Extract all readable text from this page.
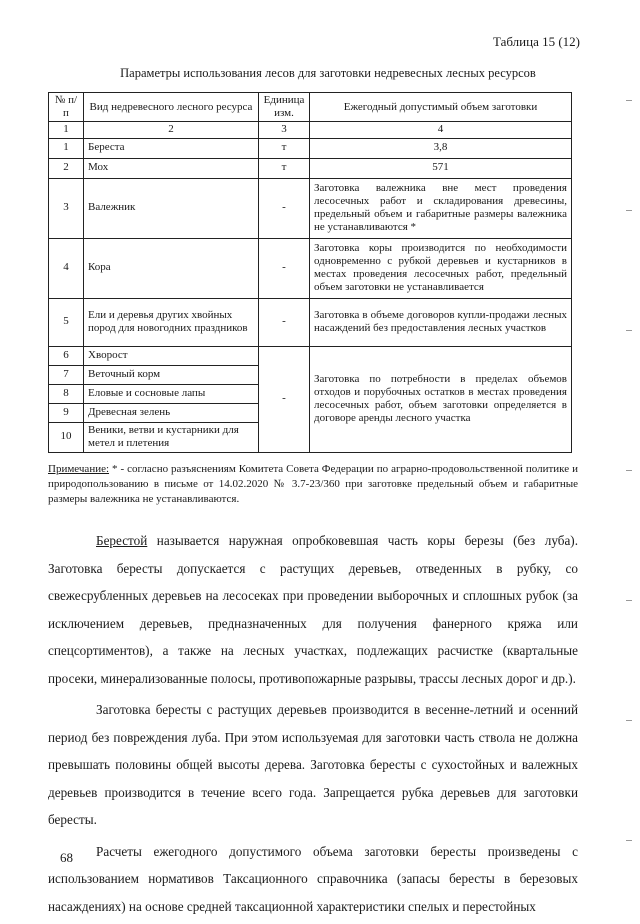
Таблица 15 (12)
Параметры использования лесов для заготовки недревесных лесных ресурсов
№ п/п	Вид недревесного лесного ресурса	Единица изм.	Ежегодный допустимый объем заготовки
1	2	3	4
1	Береста	т	3,8
2	Мох	т	571
3	Валежник	-	Заготовка валежника вне мест проведения лесосечных работ и складирования древесины, предельный объем и габаритные размеры валежника не устанавливаются *
4	Кора	-	Заготовка коры производится по необходимости одновременно с рубкой деревьев и кустарников в местах проведения лесосечных работ, предельный объем заготовки не устанавливается
5	Ели и деревья других хвойных пород для новогодних праздников	-	Заготовка в объеме договоров купли-продажи лесных насаждений без предоставления лесных участков
6	Хворост	-	Заготовка по потребности в пределах объемов отходов и порубочных остатков в местах проведения лесосечных работ, объем заготовки определяется в договоре аренды лесного участка
7	Веточный корм		
8	Еловые и сосновые лапы		
9	Древесная зелень		
10	Веники, ветви и кустарники для метел и плетения		
Примечание: * - согласно разъяснениям Комитета Совета Федерации по аграрно-продовольственной политике и природопользованию в письме от 14.02.2020 № 3.7-23/360 при заготовке предельный объем и габаритные размеры валежника не устанавливаются.

Берестой называется наружная опробковевшая часть коры березы (без луба). Заготовка бересты допускается с растущих деревьев, отведенных в рубку, со свежесрубленных деревьев на лесосеках при проведении выборочных и сплошных рубок (за исключением деревьев, предназначенных для получения фанерного кряжа или спецсортиментов), а также на лесных участках, подлежащих расчистке (квартальные просеки, минерализованные полосы, противопожарные разрывы, трассы лесных дорог и др.).

Заготовка бересты с растущих деревьев производится в весенне-летний и осенний период без повреждения луба. При этом используемая для заготовки часть ствола не должна превышать половины общей высоты дерева. Заготовка бересты с сухостойных и валежных деревьев производится в течение всего года. Запрещается рубка деревьев для заготовки бересты.

Расчеты ежегодного допустимого объема заготовки бересты произведены с использованием нормативов Таксационного справочника (запасы бересты в березовых насаждениях) на основе средней таксационной характеристики спелых и перестойных

68
